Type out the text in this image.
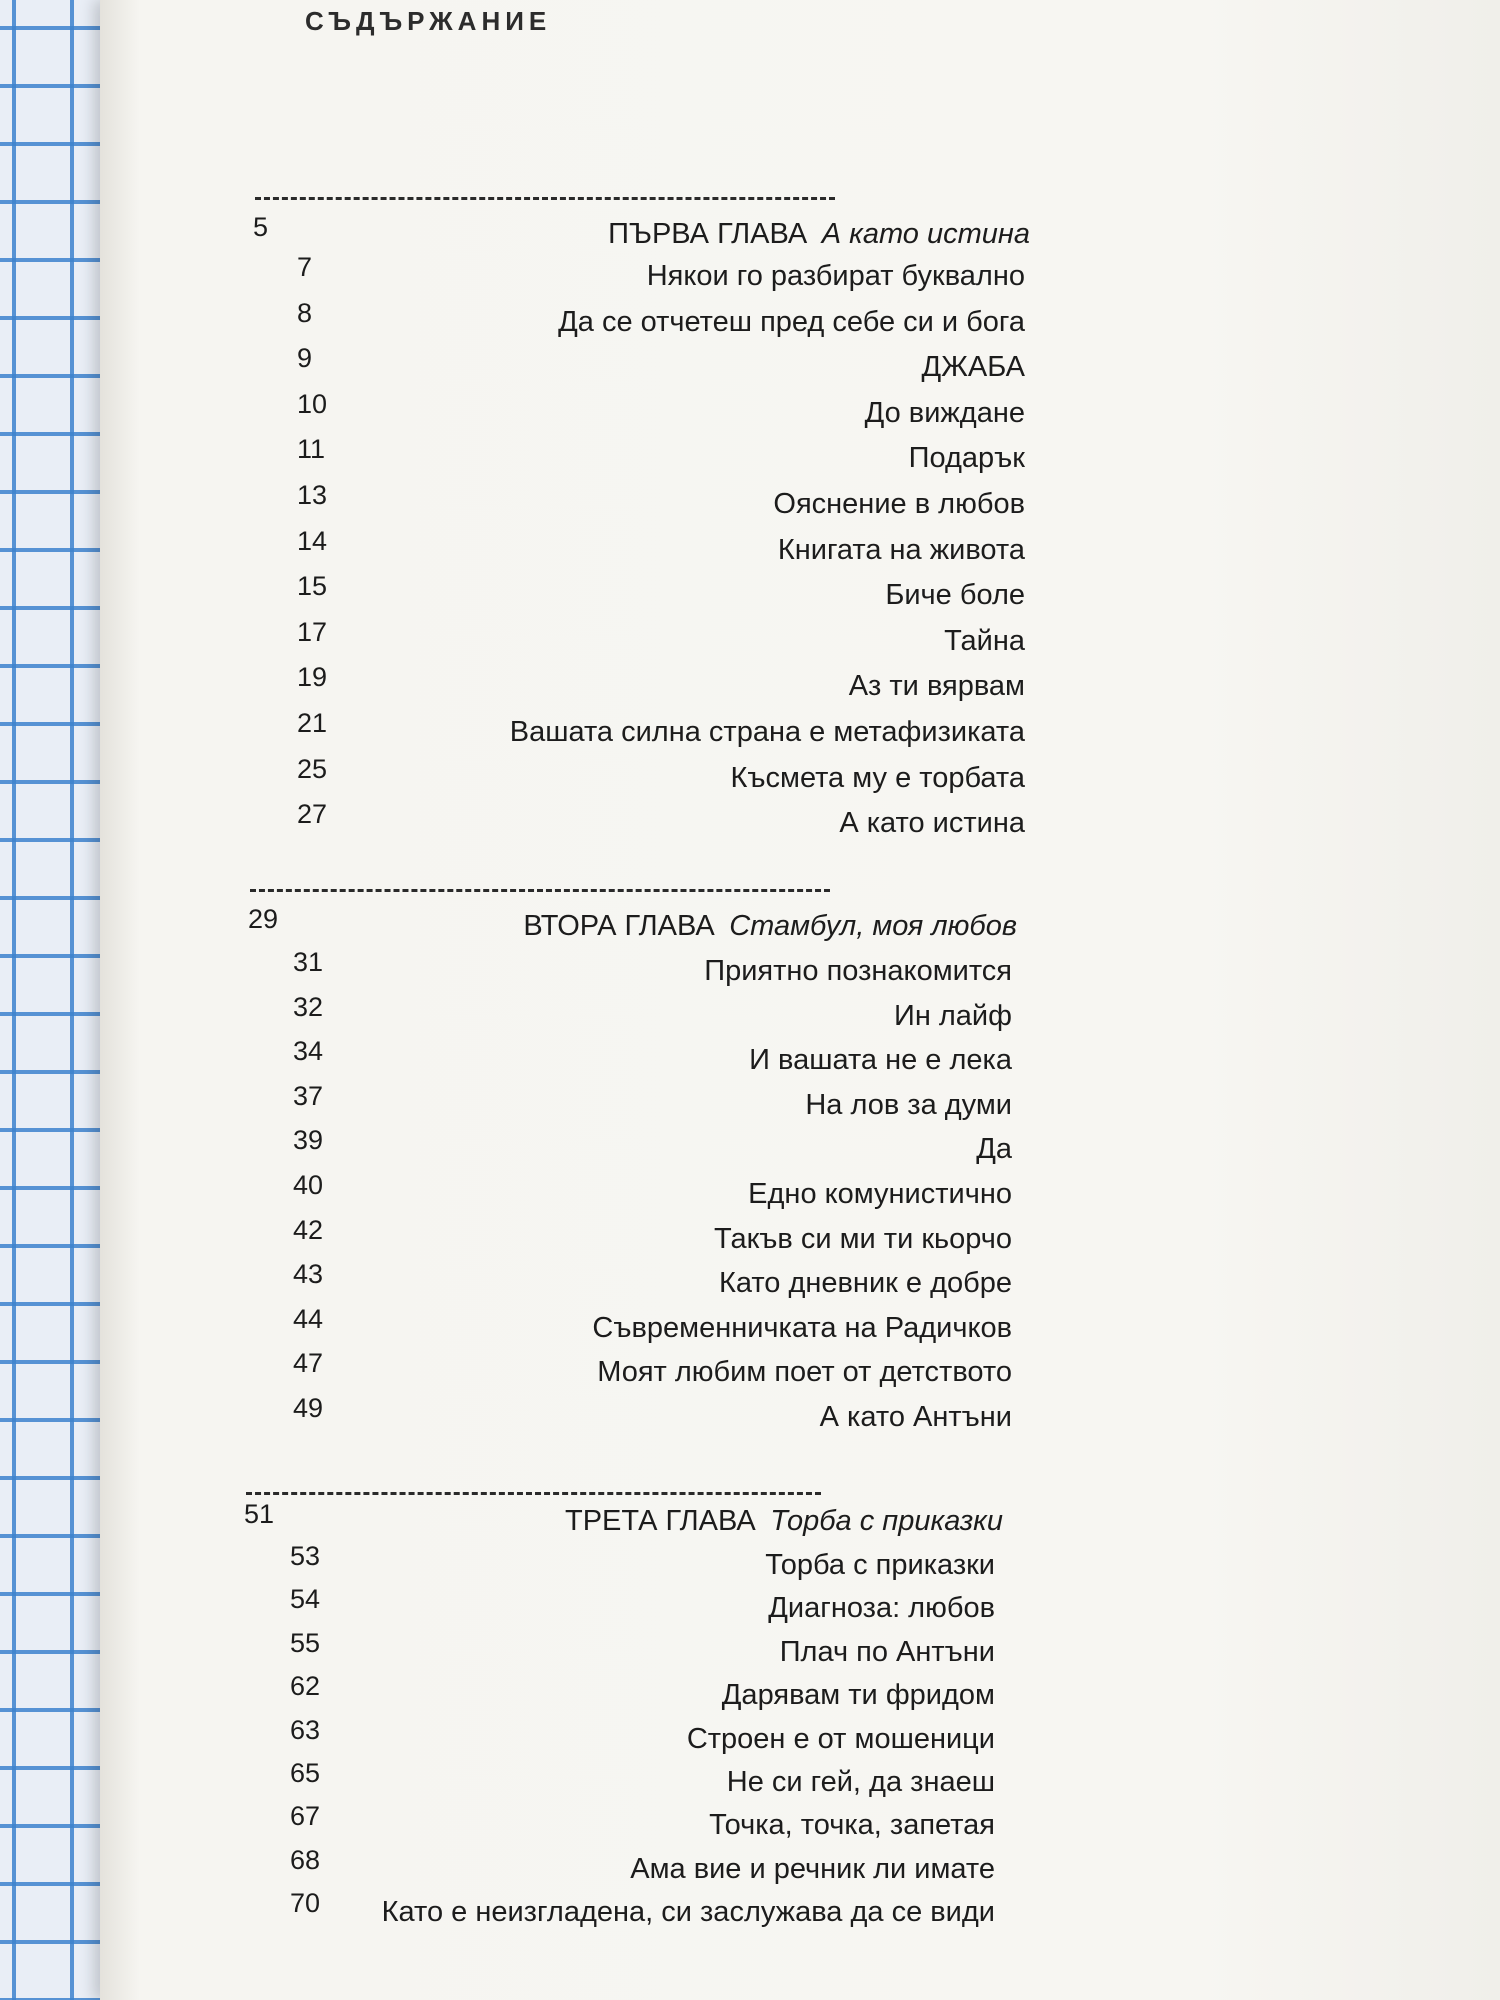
СЪДЪРЖАНИЕ
5	ПЪРВА ГЛАВА  А като истина
7	Някои го разбират буквално
8	Да се отчетеш пред себе си и бога
9	ДЖАБА
10	До виждане
11	Подарък
13	Ояснение в любов
14	Книгата на живота
15	Биче боле
17	Тайна
19	Аз ти вярвам
21	Вашата силна страна е метафизиката
25	Късмета му е торбата
27	А като истина
29	ВТОРА ГЛАВА  Стамбул, моя любов
31	Приятно познакомится
32	Ин лайф
34	И вашата не е лека
37	На лов за думи
39	Да
40	Едно комунистично
42	Такъв си ми ти кьорчо
43	Като дневник е добре
44	Съвременничката на Радичков
47	Моят любим поет от детството
49	А като Антъни
51	ТРЕТА ГЛАВА  Торба с приказки
53	Торба с приказки
54	Диагноза: любов
55	Плач по Антъни
62	Дарявам ти фридом
63	Строен е от мошеници
65	Не си гей, да знаеш
67	Точка, точка, запетая
68	Ама вие и речник ли имате
70 Като е неизгладена, си заслужава да се види
